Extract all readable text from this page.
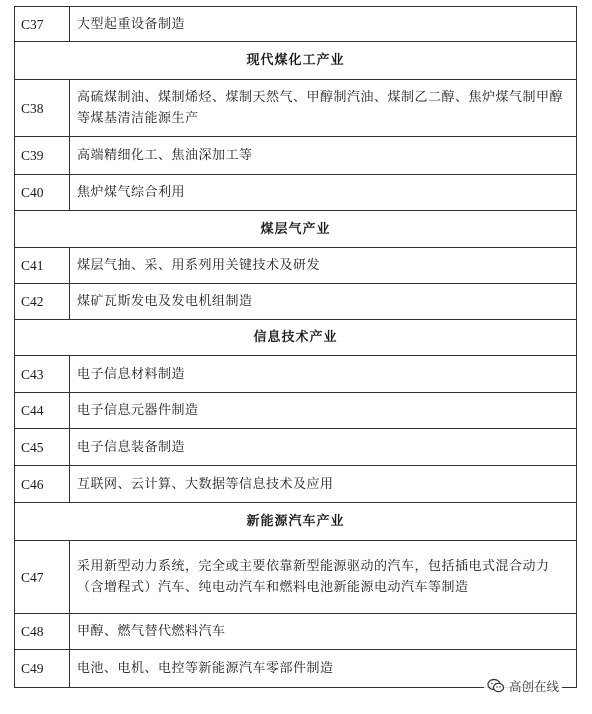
C37	大型起重设备制造
现代煤化工产业	
C38	高硫煤制油、煤制烯烃、煤制天然气、甲醇制汽油、煤制乙二醇、焦炉煤气制甲醇等煤基清洁能源生产
C39	高端精细化工、焦油深加工等
C40	焦炉煤气综合利用
煤层气产业	
C41	煤层气抽、采、用系列用关键技术及研发
C42	煤矿瓦斯发电及发电机组制造
信息技术产业	
C43	电子信息材料制造
C44	电子信息元器件制造
C45	电子信息装备制造
C46	互联网、云计算、大数据等信息技术及应用
新能源汽车产业	
C47	采用新型动力系统，完全或主要依靠新型能源驱动的汽车，包括插电式混合动力（含增程式）汽车、纯电动汽车和燃料电池新能源电动汽车等制造
C48	甲醇、燃气替代燃料汽车
C49	电池、电机、电控等新能源汽车零部件制造
高创在线
